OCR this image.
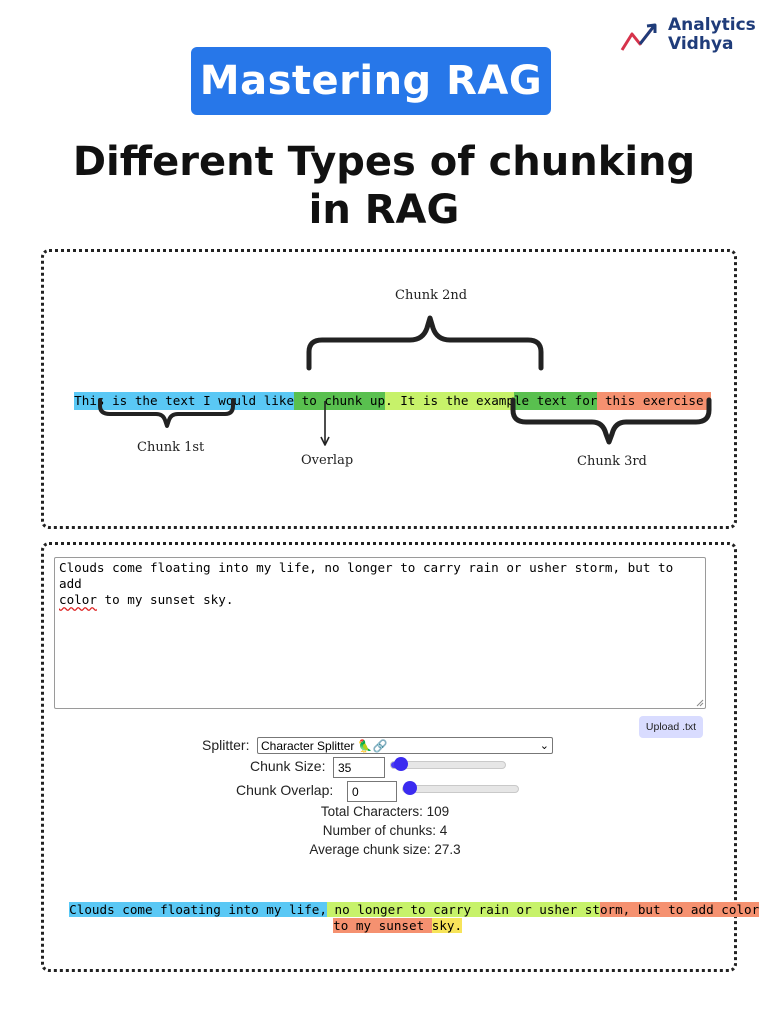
Analytics
Vidhya
Mastering RAG
Different Types of chunking
in RAG

This is the text I would like to chunk up. It is the example text for this exercise.

Chunk 2nd
Chunk 1st
Overlap	Chunk 3rd
Clouds come floating into my life, no longer to carry rain or usher storm, but to add
color to my sunset sky.
Upload .txt
Splitter: Character Splitter 🦜🔗	⌄
Chunk Size:	35
Chunk Overlap:	0
Total Characters: 109
Number of chunks: 4
Average chunk size: 27.3

Clouds come floating into my life, no longer to carry rain or usher storm, but to add color

to my sunset sky.
